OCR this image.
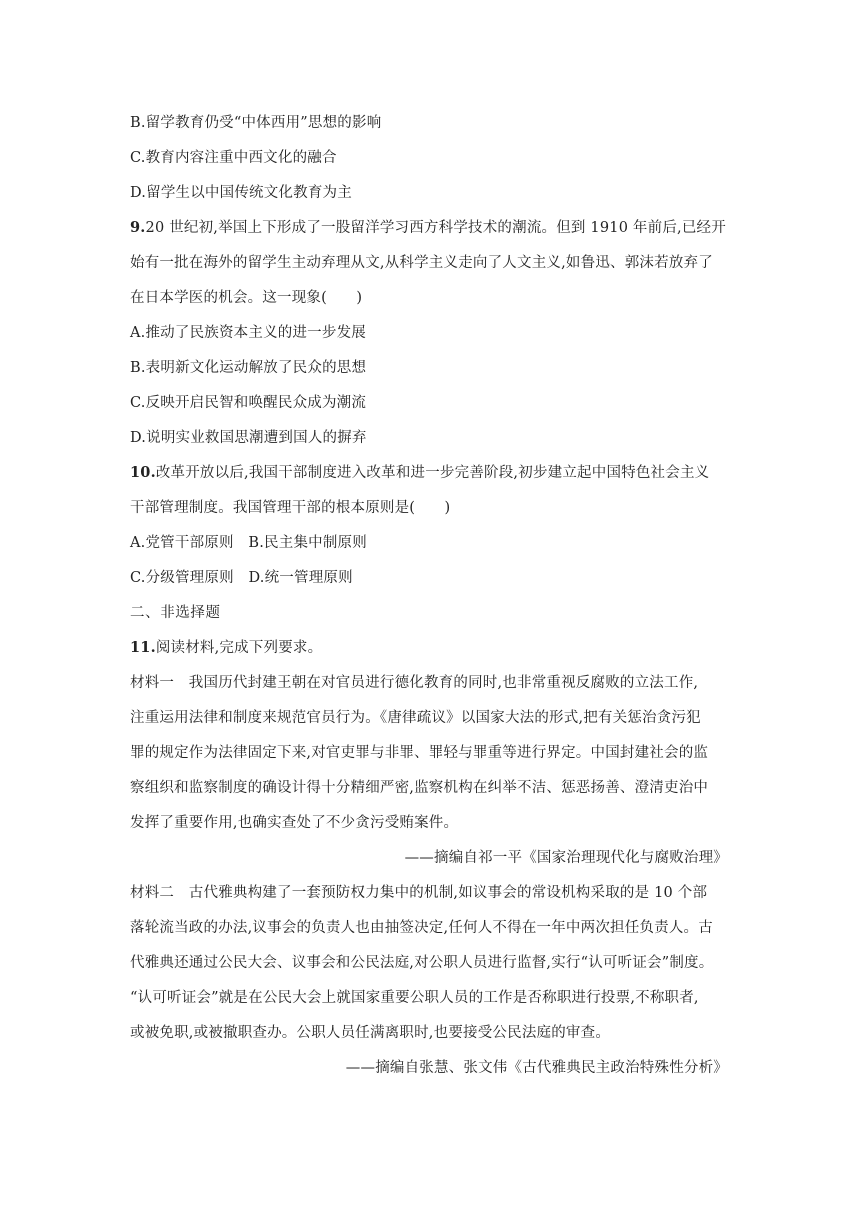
B.留学教育仍受“中体西用”思想的影响
C.教育内容注重中西文化的融合
D.留学生以中国传统文化教育为主
9.20 世纪初,举国上下形成了一股留洋学习西方科学技术的潮流。但到 1910 年前后,已经开
始有一批在海外的留学生主动弃理从文,从科学主义走向了人文主义,如鲁迅、郭沫若放弃了
在日本学医的机会。这一现象(　　)
A.推动了民族资本主义的进一步发展
B.表明新文化运动解放了民众的思想
C.反映开启民智和唤醒民众成为潮流
D.说明实业救国思潮遭到国人的摒弃
10.改革开放以后,我国干部制度进入改革和进一步完善阶段,初步建立起中国特色社会主义
干部管理制度。我国管理干部的根本原则是(　　)
A.党管干部原则　B.民主集中制原则
C.分级管理原则　D.统一管理原则
二、非选择题
11.阅读材料,完成下列要求。
材料一　我国历代封建王朝在对官员进行德化教育的同时,也非常重视反腐败的立法工作,
注重运用法律和制度来规范官员行为。《唐律疏议》以国家大法的形式,把有关惩治贪污犯
罪的规定作为法律固定下来,对官吏罪与非罪、罪轻与罪重等进行界定。中国封建社会的监
察组织和监察制度的确设计得十分精细严密,监察机构在纠举不洁、惩恶扬善、澄清吏治中
发挥了重要作用,也确实查处了不少贪污受贿案件。
——摘编自祁一平《国家治理现代化与腐败治理》
材料二　古代雅典构建了一套预防权力集中的机制,如议事会的常设机构采取的是 10 个部
落轮流当政的办法,议事会的负责人也由抽签决定,任何人不得在一年中两次担任负责人。古
代雅典还通过公民大会、议事会和公民法庭,对公职人员进行监督,实行“认可听证会”制度。
“认可听证会”就是在公民大会上就国家重要公职人员的工作是否称职进行投票,不称职者,
或被免职,或被撤职查办。公职人员任满离职时,也要接受公民法庭的审查。
——摘编自张慧、张文伟《古代雅典民主政治特殊性分析》
